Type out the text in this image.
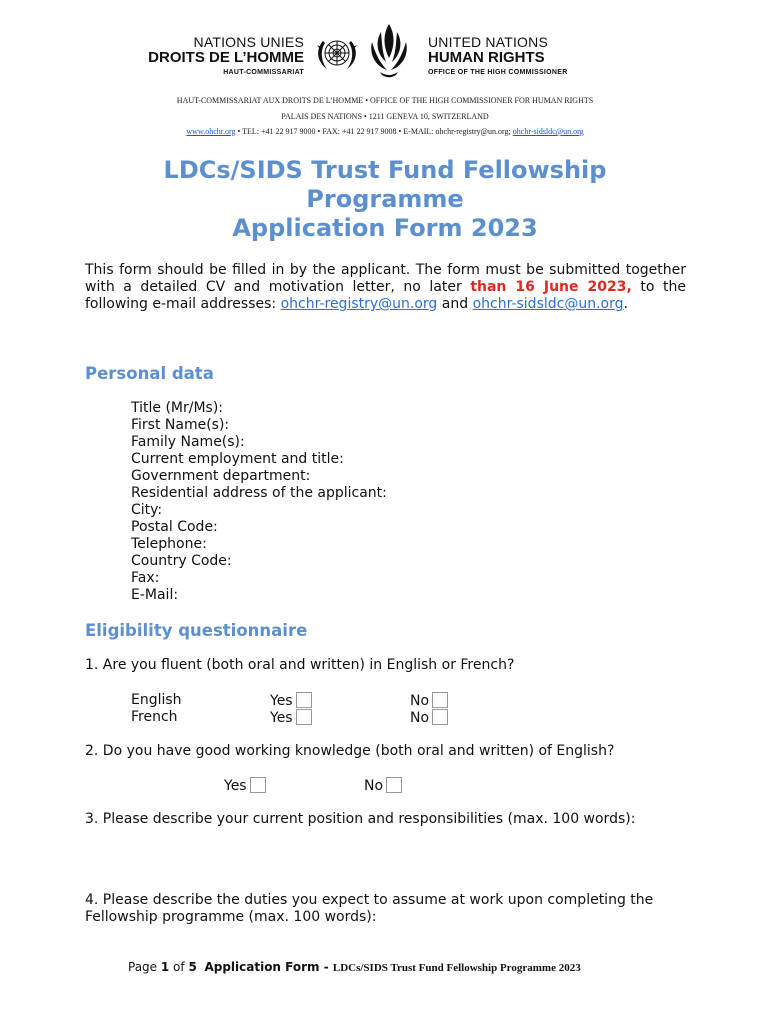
NATIONS UNIES
DROITS DE L’HOMME
HAUT-COMMISSARIAT
UNITED NATIONS
HUMAN RIGHTS
OFFICE OF THE HIGH COMMISSIONER
HAUT-COMMISSARIAT AUX DROITS DE L’HOMME • OFFICE OF THE HIGH COMMISSIONER FOR HUMAN RIGHTS
PALAIS DES NATIONS • 1211 GENEVA 10, SWITZERLAND
www.ohchr.org • TEL: +41 22 917 9000 • FAX: +41 22 917 9008 • E-MAIL: ohchr-registry@un.org; ohchr-sidsldc@un.org
LDCs/SIDS Trust Fund Fellowship
Programme
Application Form 2023
This form should be filled in by the applicant. The form must be submitted together with a detailed CV and motivation letter, no later than 16 June 2023, to the following e-mail addresses: ohchr-registry@un.org and ohchr-sidsldc@un.org.
Personal data
Title (Mr/Ms):
First Name(s):
Family Name(s):
Current employment and title:
Government department:
Residential address of the applicant:
City:
Postal Code:
Telephone:
Country Code:
Fax:
E-Mail:
Eligibility questionnaire
1. Are you fluent (both oral and written) in English or French?
English	Yes	No
French	Yes	No
2. Do you have good working knowledge (both oral and written) of English?
Yes	No
3. Please describe your current position and responsibilities (max. 100 words):
4. Please describe the duties you expect to assume at work upon completing the Fellowship programme (max. 100 words):
Page 1 of 5 Application Form - LDCs/SIDS Trust Fund Fellowship Programme 2023
